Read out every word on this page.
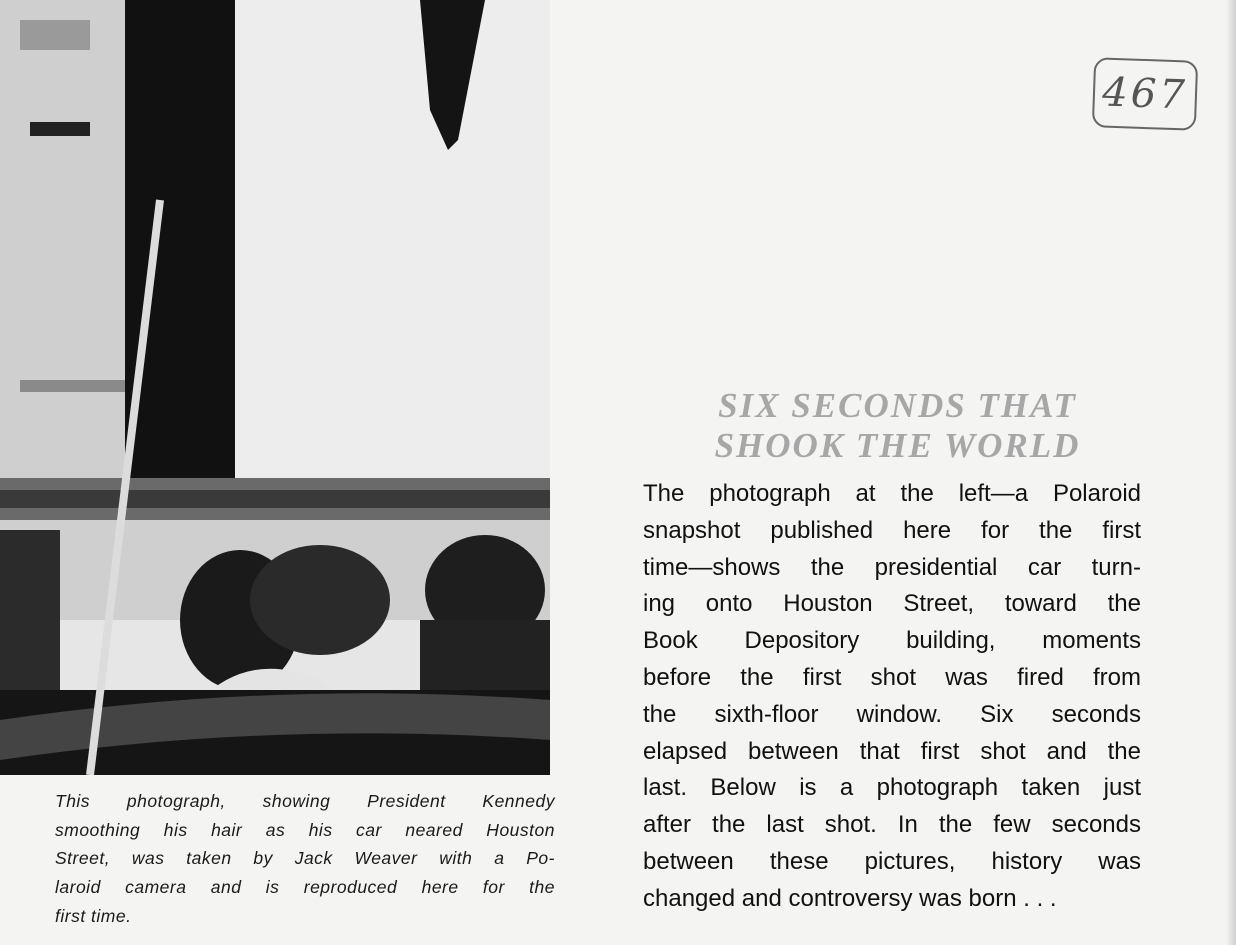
This photograph, showing President Kennedy
smoothing his hair as his car neared Houston
Street, was taken by Jack Weaver with a Po-
laroid camera and is reproduced here for the
first time.
467
SIX SECONDS THAT
SHOOK THE WORLD
The photograph at the left—a Polaroid
snapshot published here for the first
time—shows the presidential car turn-
ing onto Houston Street, toward the
Book Depository building, moments
before the first shot was fired from
the sixth-floor window. Six seconds
elapsed between that first shot and the
last. Below is a photograph taken just
after the last shot. In the few seconds
between these pictures, history was
changed and controversy was born . . .
